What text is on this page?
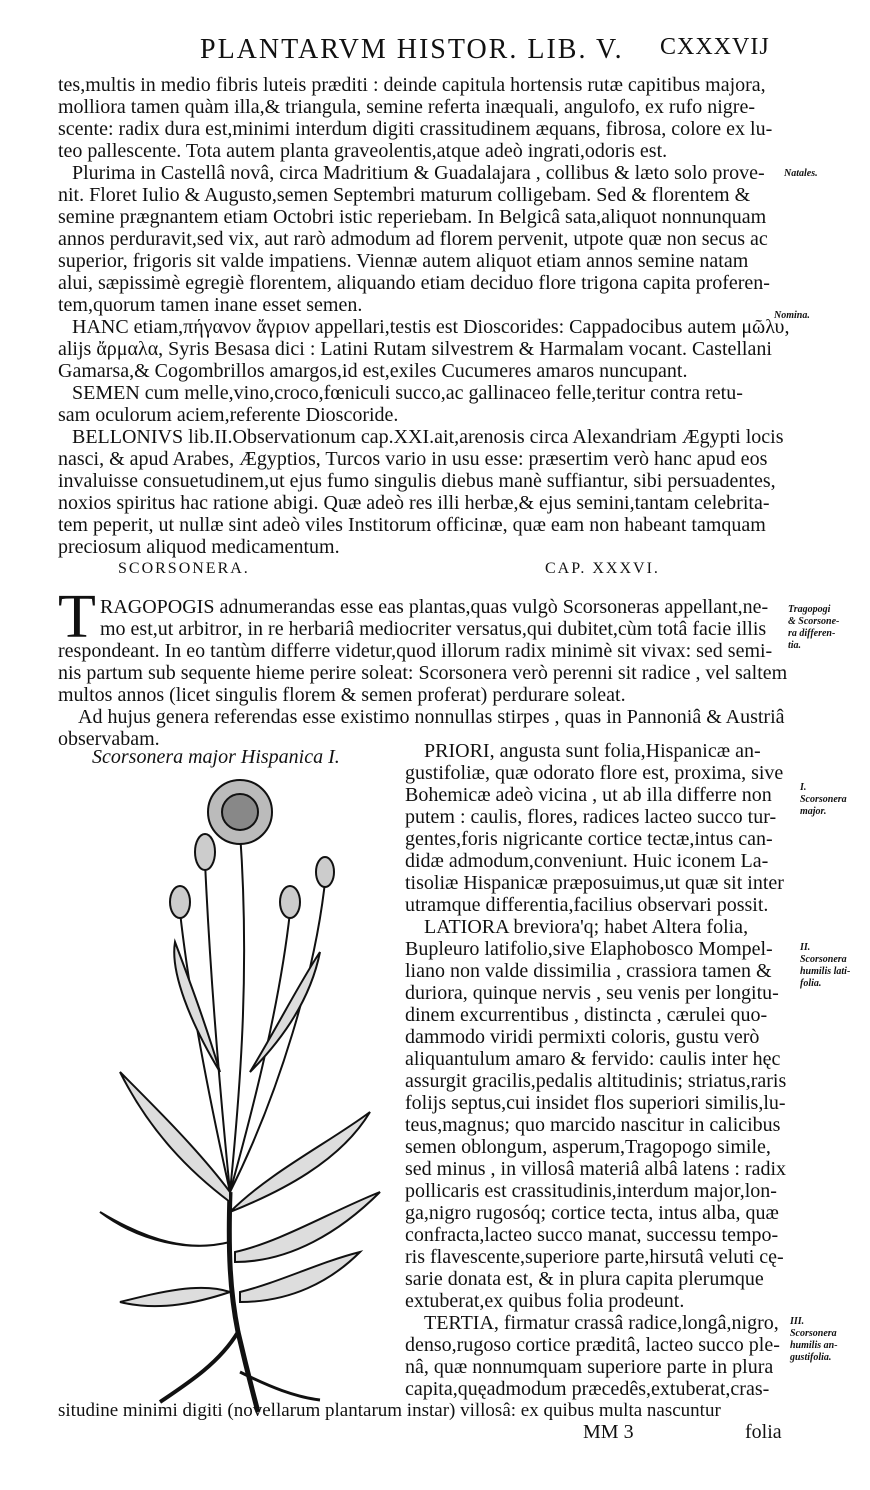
PLANTARVM HISTOR. LIB. V. CXXXVIJ
tes,multis in medio fibris luteis præditi : deinde capitula hortensis rutæ capitibus majora,
molliora tamen quàm illa,& triangula, semine referta inæquali, angulofo, ex rufo nigre-
scente: radix dura est,minimi interdum digiti crassitudinem æquans, fibrosa, colore ex lu-
teo pallescente. Tota autem planta graveolentis,atque adeò ingrati,odoris est.
Plurima in Castellâ novâ, circa Madritium & Guadalajara , collibus & læto solo prove-
nit. Floret Iulio & Augusto,semen Septembri maturum colligebam. Sed & florentem &
semine prægnantem etiam Octobri istic reperiebam. In Belgicâ sata,aliquot nonnunquam
annos perduravit,sed vix, aut rarò admodum ad florem pervenit, utpote quæ non secus ac
superior, frigoris sit valde impatiens. Viennæ autem aliquot etiam annos semine natam
alui, sæpissimè egregiè florentem, aliquando etiam deciduo flore trigona capita proferen-
tem,quorum tamen inane esset semen.
HANC etiam,πήγανον ἄγριον appellari,testis est Dioscorides: Cappadocibus autem μῶλυ,
alijs ἄρμαλα, Syris Besasa dici : Latini Rutam silvestrem & Harmalam vocant. Castellani
Gamarsa,& Cogombrillos amargos,id est,exiles Cucumeres amaros nuncupant.
SEMEN cum melle,vino,croco,fœniculi succo,ac gallinaceo felle,teritur contra retu-
sam oculorum aciem,referente Dioscoride.
BELLONIVS lib.II.Observationum cap.XXI.ait,arenosis circa Alexandriam Ægypti locis
nasci, & apud Arabes, Ægyptios, Turcos vario in usu esse: præsertim verò hanc apud eos
invaluisse consuetudinem,ut ejus fumo singulis diebus manè suffiantur, sibi persuadentes,
noxios spiritus hac ratione abigi. Quæ adeò res illi herbæ,& ejus semini,tantam celebrita-
tem peperit, ut nullæ sint adeò viles Institorum officinæ, quæ eam non habeant tamquam
preciosum aliquod medicamentum.
Natales.
Nomina.
SCORSONERA.	CAP. XXXVI.
T RAGOPOGIS adnumerandas esse eas plantas,quas vulgò Scorsoneras appellant,ne-
mo est,ut arbitror, in re herbariâ mediocriter versatus,qui dubitet,cùm totâ facie illis
respondeant. In eo tantùm differre videtur,quod illorum radix minimè sit vivax: sed semi-
nis partum sub sequente hieme perire soleat: Scorsonera verò perenni sit radice , vel saltem
multos annos (licet singulis florem & semen proferat) perdurare soleat.
Ad hujus genera referendas esse existimo nonnullas stirpes , quas in Pannoniâ & Austriâ
observabam.
Tragopogi
& Scorsone-
ra differen-
tia.
Scorsonera major Hispanica I.	PRIORI, angusta sunt folia,Hispanicæ an-
gustifoliæ, quæ odorato flore est, proxima, sive
Bohemicæ adeò vicina , ut ab illa differre non
putem : caulis, flores, radices lacteo succo tur-
gentes,foris nigricante cortice tectæ,intus can-
didæ admodum,conveniunt. Huic iconem La-
tisoliæ Hispanicæ præposuimus,ut quæ sit inter
utramque differentia,facilius observari possit.
LATIORA breviora'q; habet Altera folia,
Bupleuro latifolio,sive Elaphobosco Mompel-
liano non valde dissimilia , crassiora tamen &
duriora, quinque nervis , seu venis per longitu-
dinem excurrentibus , distincta , cærulei quo-
dammodo viridi permixti coloris, gustu verò
aliquantulum amaro & fervido: caulis inter hęc
assurgit gracilis,pedalis altitudinis; striatus,raris
folijs septus,cui insidet flos superiori similis,lu-
teus,magnus; quo marcido nascitur in calicibus
semen oblongum, asperum,Tragopogo simile,
sed minus , in villosâ materiâ albâ latens : radix
pollicaris est crassitudinis,interdum major,lon-
ga,nigro rugosóq; cortice tecta, intus alba, quæ
confracta,lacteo succo manat, successu tempo-
ris flavescente,superiore parte,hirsutâ veluti cę-
sarie donata est, & in plura capita plerumque
extuberat,ex quibus folia prodeunt.
TERTIA, firmatur crassâ radice,longâ,nigro,
denso,rugoso cortice præditâ, lacteo succo ple-
nâ, quæ nonnumquam superiore parte in plura
I.
Scorsonera
major.
II.
Scorsonera
humilis lati-
folia.
III.
Scorsonera
humilis an-
gustifolia.
situdine minimi digiti (novellarum plantarum instar) villosâ: ex quibus multa nascuntur
MM 3	folia
capita,quęadmodum præcedês,extuberat,cras-
